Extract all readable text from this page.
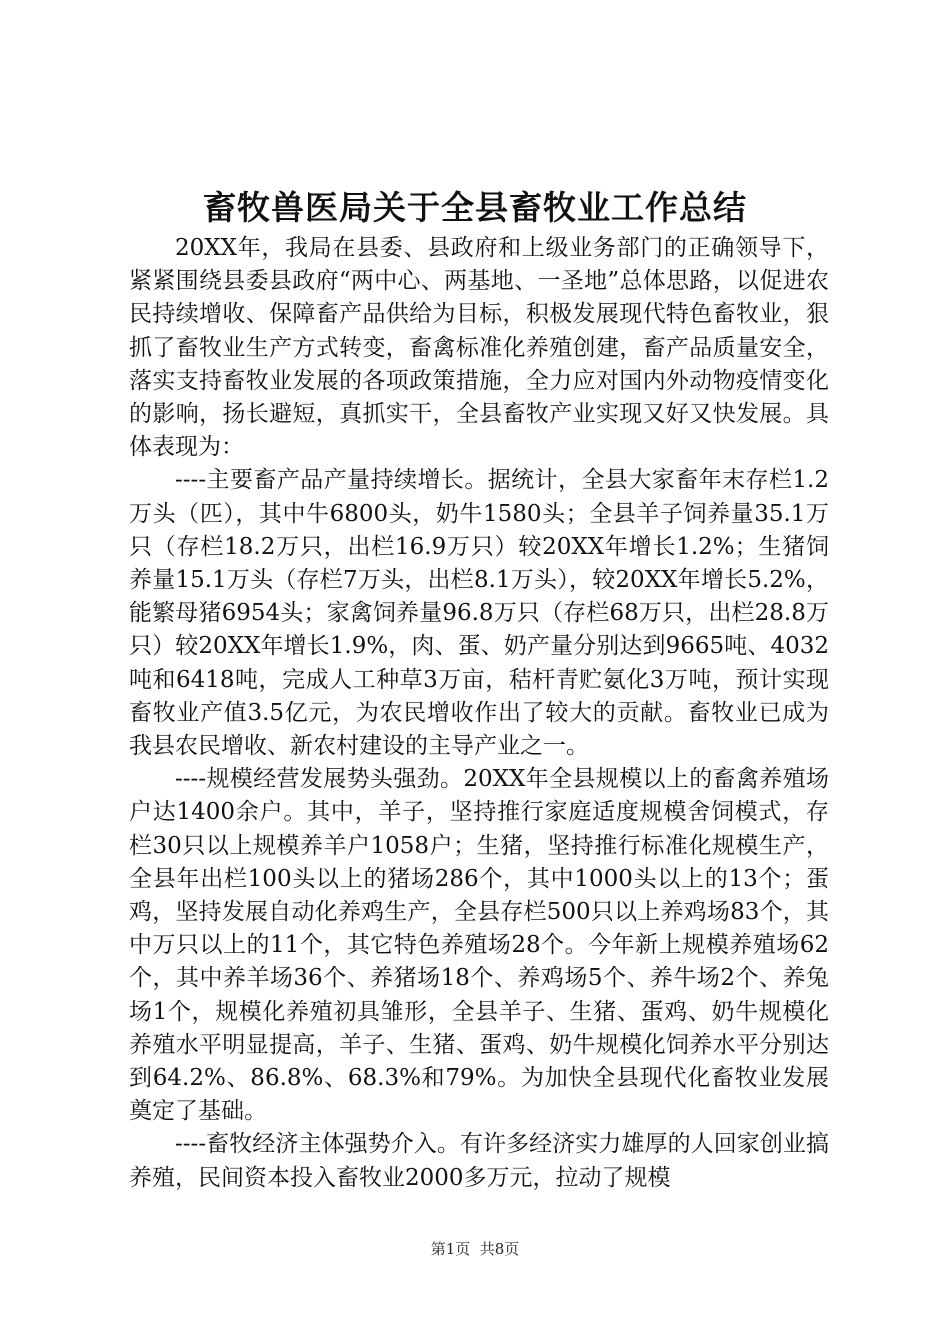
畜牧兽医局关于全县畜牧业工作总结

20XX年，我局在县委、县政府和上级业务部门的正确领导下，紧紧围绕县委县政府“两中心、两基地、一圣地”总体思路，以促进农民持续增收、保障畜产品供给为目标，积极发展现代特色畜牧业，狠抓了畜牧业生产方式转变，畜禽标准化养殖创建，畜产品质量安全，落实支持畜牧业发展的各项政策措施，全力应对国内外动物疫情变化的影响，扬长避短，真抓实干，全县畜牧产业实现又好又快发展。具体表现为：

----主要畜产品产量持续增长。据统计，全县大家畜年末存栏1.2万头（匹），其中牛6800头，奶牛1580头；全县羊子饲养量35.1万只（存栏18.2万只，出栏16.9万只）较20XX年增长1.2%；生猪饲养量15.1万头（存栏7万头，出栏8.1万头），较20XX年增长5.2%，能繁母猪6954头；家禽饲养量96.8万只（存栏68万只，出栏28.8万只）较20XX年增长1.9%，肉、蛋、奶产量分别达到9665吨、4032吨和6418吨，完成人工种草3万亩，秸杆青贮氨化3万吨，预计实现畜牧业产值3.5亿元，为农民增收作出了较大的贡献。畜牧业已成为我县农民增收、新农村建设的主导产业之一。

----规模经营发展势头强劲。20XX年全县规模以上的畜禽养殖场户达1400余户。其中，羊子，坚持推行家庭适度规模舍饲模式，存栏30只以上规模养羊户1058户；生猪，坚持推行标准化规模生产，全县年出栏100头以上的猪场286个，其中1000头以上的13个；蛋鸡，坚持发展自动化养鸡生产，全县存栏500只以上养鸡场83个，其中万只以上的11个，其它特色养殖场28个。今年新上规模养殖场62个，其中养羊场36个、养猪场18个、养鸡场5个、养牛场2个、养兔场1个，规模化养殖初具雏形，全县羊子、生猪、蛋鸡、奶牛规模化养殖水平明显提高，羊子、生猪、蛋鸡、奶牛规模化饲养水平分别达到64.2%、86.8%、68.3%和79%。为加快全县现代化畜牧业发展奠定了基础。

----畜牧经济主体强势介入。有许多经济实力雄厚的人回家创业搞养殖，民间资本投入畜牧业2000多万元，拉动了规模

第1页  共8页
